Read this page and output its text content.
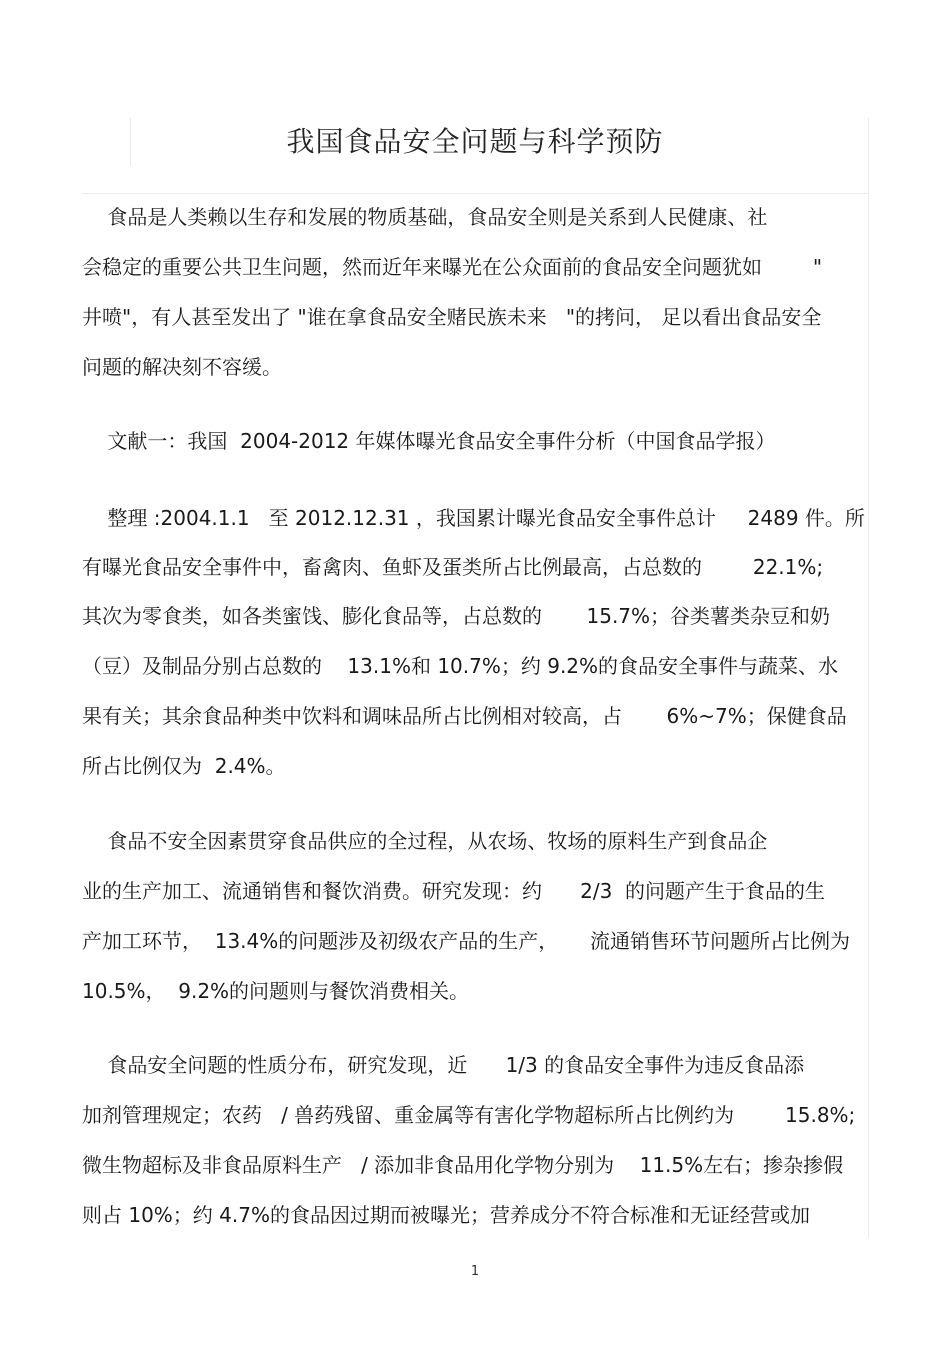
我国食品安全问题与科学预防
食品是人类赖以生存和发展的物质基础，食品安全则是关系到人民健康、社
会稳定的重要公共卫生问题，然而近年来曝光在公众面前的食品安全问题犹如        "
井喷"，有人甚至发出了 "谁在拿食品安全赌民族未来   "的拷问， 足以看出食品安全
问题的解决刻不容缓。
文献一：我国  2004-2012 年媒体曝光食品安全事件分析（中国食品学报）
整理 :2004.1.1   至 2012.12.31 ，我国累计曝光食品安全事件总计     2489 件。所
有曝光食品安全事件中，畜禽肉、鱼虾及蛋类所占比例最高，占总数的        22.1%;
其次为零食类，如各类蜜饯、膨化食品等，占总数的       15.7%；谷类薯类杂豆和奶
（豆）及制品分别占总数的    13.1%和 10.7%；约 9.2%的食品安全事件与蔬菜、水
果有关；其余食品种类中饮料和调味品所占比例相对较高，占       6%~7%；保健食品
所占比例仅为  2.4%。
食品不安全因素贯穿食品供应的全过程，从农场、牧场的原料生产到食品企
业的生产加工、流通销售和餐饮消费。研究发现：约      2/3  的问题产生于食品的生
产加工环节，  13.4%的问题涉及初级农产品的生产，     流通销售环节问题所占比例为
10.5%，  9.2%的问题则与餐饮消费相关。
食品安全问题的性质分布，研究发现，近      1/3 的食品安全事件为违反食品添
加剂管理规定；农药   / 兽药残留、重金属等有害化学物超标所占比例约为        15.8%;
微生物超标及非食品原料生产   / 添加非食品用化学物分别为    11.5%左右；掺杂掺假
则占 10%；约 4.7%的食品因过期而被曝光；营养成分不符合标准和无证经营或加
1
